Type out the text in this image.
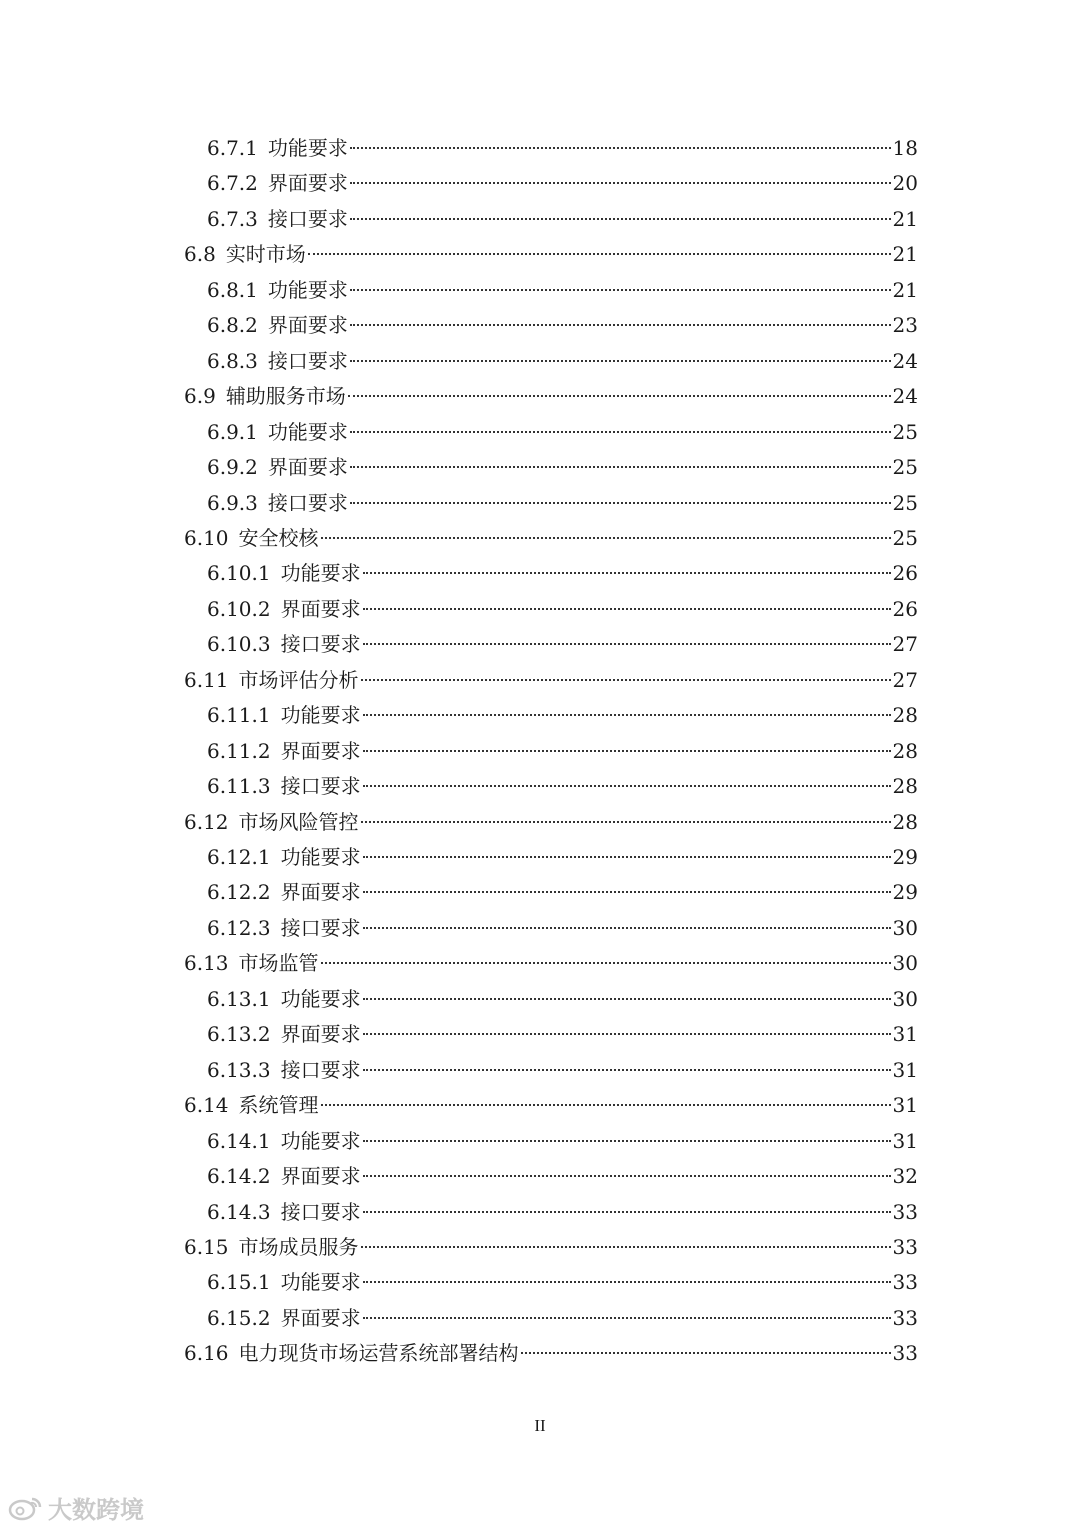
6.7.1 功能要求	18
6.7.2 界面要求	20
6.7.3 接口要求	21
6.8 实时市场	21
6.8.1 功能要求	21
6.8.2 界面要求	23
6.8.3 接口要求	24
6.9 辅助服务市场	24
6.9.1 功能要求	25
6.9.2 界面要求	25
6.9.3 接口要求	25
6.10 安全校核	25
6.10.1 功能要求	26
6.10.2 界面要求	26
6.10.3 接口要求	27
6.11 市场评估分析	27
6.11.1 功能要求	28
6.11.2 界面要求	28
6.11.3 接口要求	28
6.12 市场风险管控	28
6.12.1 功能要求	29
6.12.2 界面要求	29
6.12.3 接口要求	30
6.13 市场监管	30
6.13.1 功能要求	30
6.13.2 界面要求	31
6.13.3 接口要求	31
6.14 系统管理	31
6.14.1 功能要求	31
6.14.2 界面要求	32
6.14.3 接口要求	33
6.15 市场成员服务	33
6.15.1 功能要求	33
6.15.2 界面要求	33
6.16 电力现货市场运营系统部署结构	33
II
大数跨境
